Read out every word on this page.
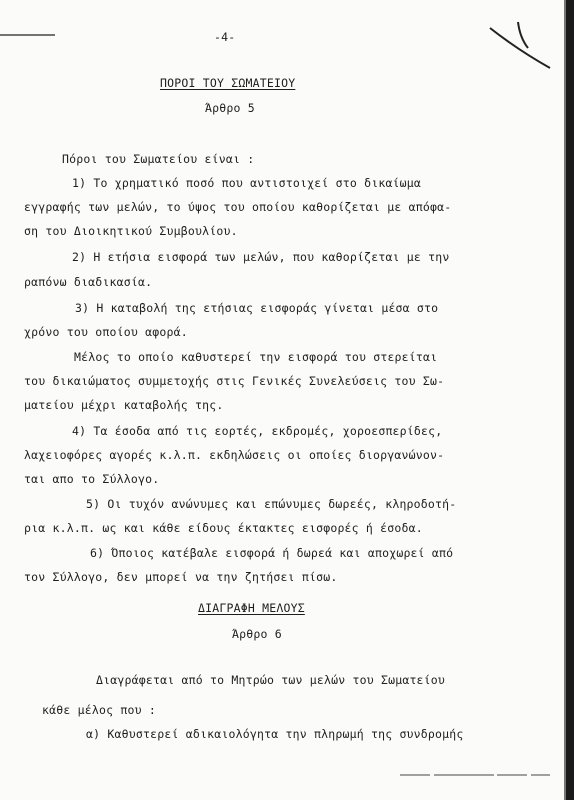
-4-
ΠΟΡΟΙ ΤΟΥ ΣΩΜΑΤΕΙΟΥ
Άρθρο 5
Πόροι του Σωματείου είναι :
1) Το χρηματικό ποσό που αντιστοιχεί στο δικαίωμα
εγγραφής των μελών, το ύψος του οποίου καθορίζεται με απόφα-
ση του Διοικητικού Συμβουλίου.
2) Η ετήσια εισφορά των μελών, που καθορίζεται με την
ραπόνω διαδικασία.
3) Η καταβολή της ετήσιας εισφοράς γίνεται μέσα στο
χρόνο του οποίου αφορά.
Μέλος το οποίο καθυστερεί την εισφορά του στερείται
του δικαιώματος συμμετοχής στις Γενικές Συνελεύσεις του Σω-
ματείου μέχρι καταβολής της.
4) Τα έσοδα από τις εορτές, εκδρομές, χοροεσπερίδες,
λαχειοφόρες αγορές κ.λ.π. εκδηλώσεις οι οποίες διοργανώνον-
ται απο το Σύλλογο.
5) Οι τυχόν ανώνυμες και επώνυμες δωρεές, κληροδοτή-
ρια κ.λ.π. ως και κάθε είδους έκτακτες εισφορές ή έσοδα.
6) Όποιος κατέβαλε εισφορά ή δωρεά και αποχωρεί από
τον Σύλλογο, δεν μπορεί να την ζητήσει πίσω.
ΔΙΑΓΡΑΦΗ ΜΕΛΟΥΣ
Άρθρο 6
Διαγράφεται από το Μητρώο των μελών του Σωματείου
κάθε μέλος που :
α) Καθυστερεί αδικαιολόγητα την πληρωμή της συνδρομής
